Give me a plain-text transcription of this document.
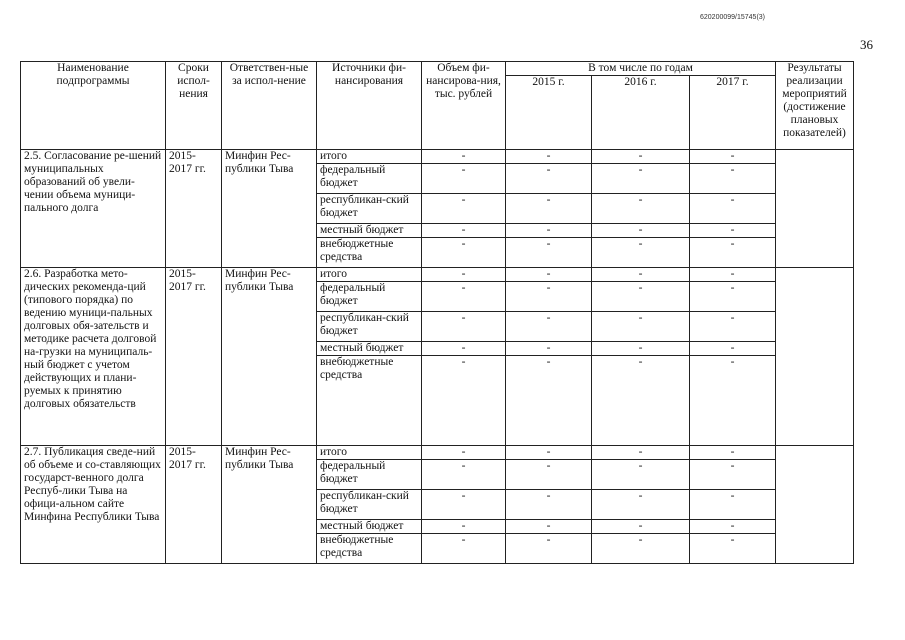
620200099/15745(3)
36
Наименование подпрограммы	Сроки испол-нения	Ответствен-ные за испол-нение	Источники фи-нансирования	Объем фи-нансирова-ния, тыс. рублей	В том числе по годам			Результаты реализации мероприятий (достижение плановых показателей)
					2015 г.	2016 г.	2017 г.	
2.5. Согласование ре-шений муниципальных образований об увели-чении объема муници-пального долга	2015-2017 гг.	Минфин Рес-публики Тыва	итого	-	-	-	-	
			федеральный бюджет	-	-	-	-	
			республикан-ский бюджет	-	-	-	-	
			местный бюджет	-	-	-	-	
			внебюджетные средства	-	-	-	-	
2.6. Разработка мето-дических рекоменда-ций (типового порядка) по ведению муници-пальных долговых обя-зательств и методике расчета долговой на-грузки на муниципаль-ный бюджет с учетом действующих и плани-руемых к принятию долговых обязательств	2015-2017 гг.	Минфин Рес-публики Тыва	итого	-	-	-	-	
			федеральный бюджет	-	-	-	-	
			республикан-ский бюджет	-	-	-	-	
			местный бюджет	-	-	-	-	
			внебюджетные средства	-	-	-	-	
2.7. Публикация сведе-ний об объеме и со-ставляющих государст-венного долга Респуб-лики Тыва на офици-альном сайте Минфина Республики Тыва	2015-2017 гг.	Минфин Рес-публики Тыва	итого	-	-	-	-	
			федеральный бюджет	-	-	-	-	
			республикан-ский бюджет	-	-	-	-	
			местный бюджет	-	-	-	-	
			внебюджетные средства	-	-	-	-	
